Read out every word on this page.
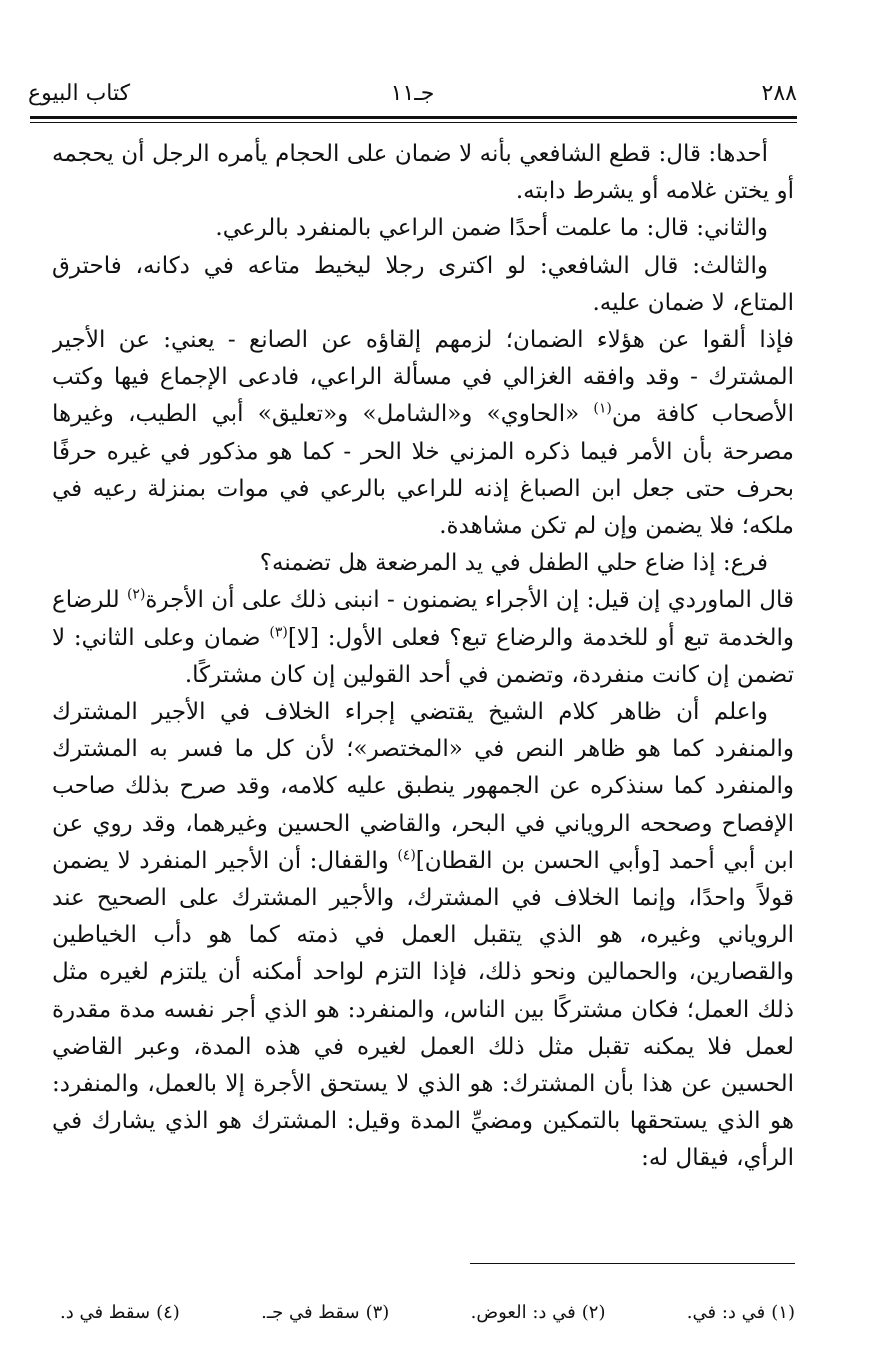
٢٨٨
جـ١١
كتاب البيوع

أحدها: قال: قطع الشافعي بأنه لا ضمان على الحجام يأمره الرجل أن يحجمه أو يختن غلامه أو يشرط دابته.

والثاني: قال: ما علمت أحدًا ضمن الراعي بالمنفرد بالرعي.

والثالث: قال الشافعي: لو اكترى رجلا ليخيط متاعه في دكانه، فاحترق المتاع، لا ضمان عليه.

فإذا ألقوا عن هؤلاء الضمان؛ لزمهم إلقاؤه عن الصانع - يعني: عن الأجير المشترك - وقد وافقه الغزالي في مسألة الراعي، فادعى الإجماع فيها وكتب الأصحاب كافة من$^{(١)}$ «الحاوي» و«الشامل» و«تعليق» أبي الطيب، وغيرها مصرحة بأن الأمر فيما ذكره المزني خلا الحر - كما هو مذكور في غيره حرفًا بحرف حتى جعل ابن الصباغ إذنه للراعي بالرعي في موات بمنزلة رعيه في ملكه؛ فلا يضمن وإن لم تكن مشاهدة.

فرع: إذا ضاع حلي الطفل في يد المرضعة هل تضمنه؟

قال الماوردي إن قيل: إن الأجراء يضمنون - انبنى ذلك على أن الأجرة$^{(٢)}$ للرضاع والخدمة تبع أو للخدمة والرضاع تبع؟ فعلى الأول: [لا]$^{(٣)}$ ضمان وعلى الثاني: لا تضمن إن كانت منفردة، وتضمن في أحد القولين إن كان مشتركًا.

واعلم أن ظاهر كلام الشيخ يقتضي إجراء الخلاف في الأجير المشترك والمنفرد كما هو ظاهر النص في «المختصر»؛ لأن كل ما فسر به المشترك والمنفرد كما سنذكره عن الجمهور ينطبق عليه كلامه، وقد صرح بذلك صاحب الإفصاح وصححه الروياني في البحر، والقاضي الحسين وغيرهما، وقد روي عن ابن أبي أحمد [وأبي الحسن بن القطان]$^{(٤)}$ والقفال: أن الأجير المنفرد لا يضمن قولاً واحدًا، وإنما الخلاف في المشترك، والأجير المشترك على الصحيح عند الروياني وغيره، هو الذي يتقبل العمل في ذمته كما هو دأب الخياطين والقصارين، والحمالين ونحو ذلك، فإذا التزم لواحد أمكنه أن يلتزم لغيره مثل ذلك العمل؛ فكان مشتركًا بين الناس، والمنفرد: هو الذي أجر نفسه مدة مقدرة لعمل فلا يمكنه تقبل مثل ذلك العمل لغيره في هذه المدة، وعبر القاضي الحسين عن هذا بأن المشترك: هو الذي لا يستحق الأجرة إلا بالعمل، والمنفرد: هو الذي يستحقها بالتمكين ومضيِّ المدة وقيل: المشترك هو الذي يشارك في الرأي، فيقال له:

(١)في د: في.
(٢)في د: العوض.
(٣)سقط في جـ.
(٤)سقط في د.
